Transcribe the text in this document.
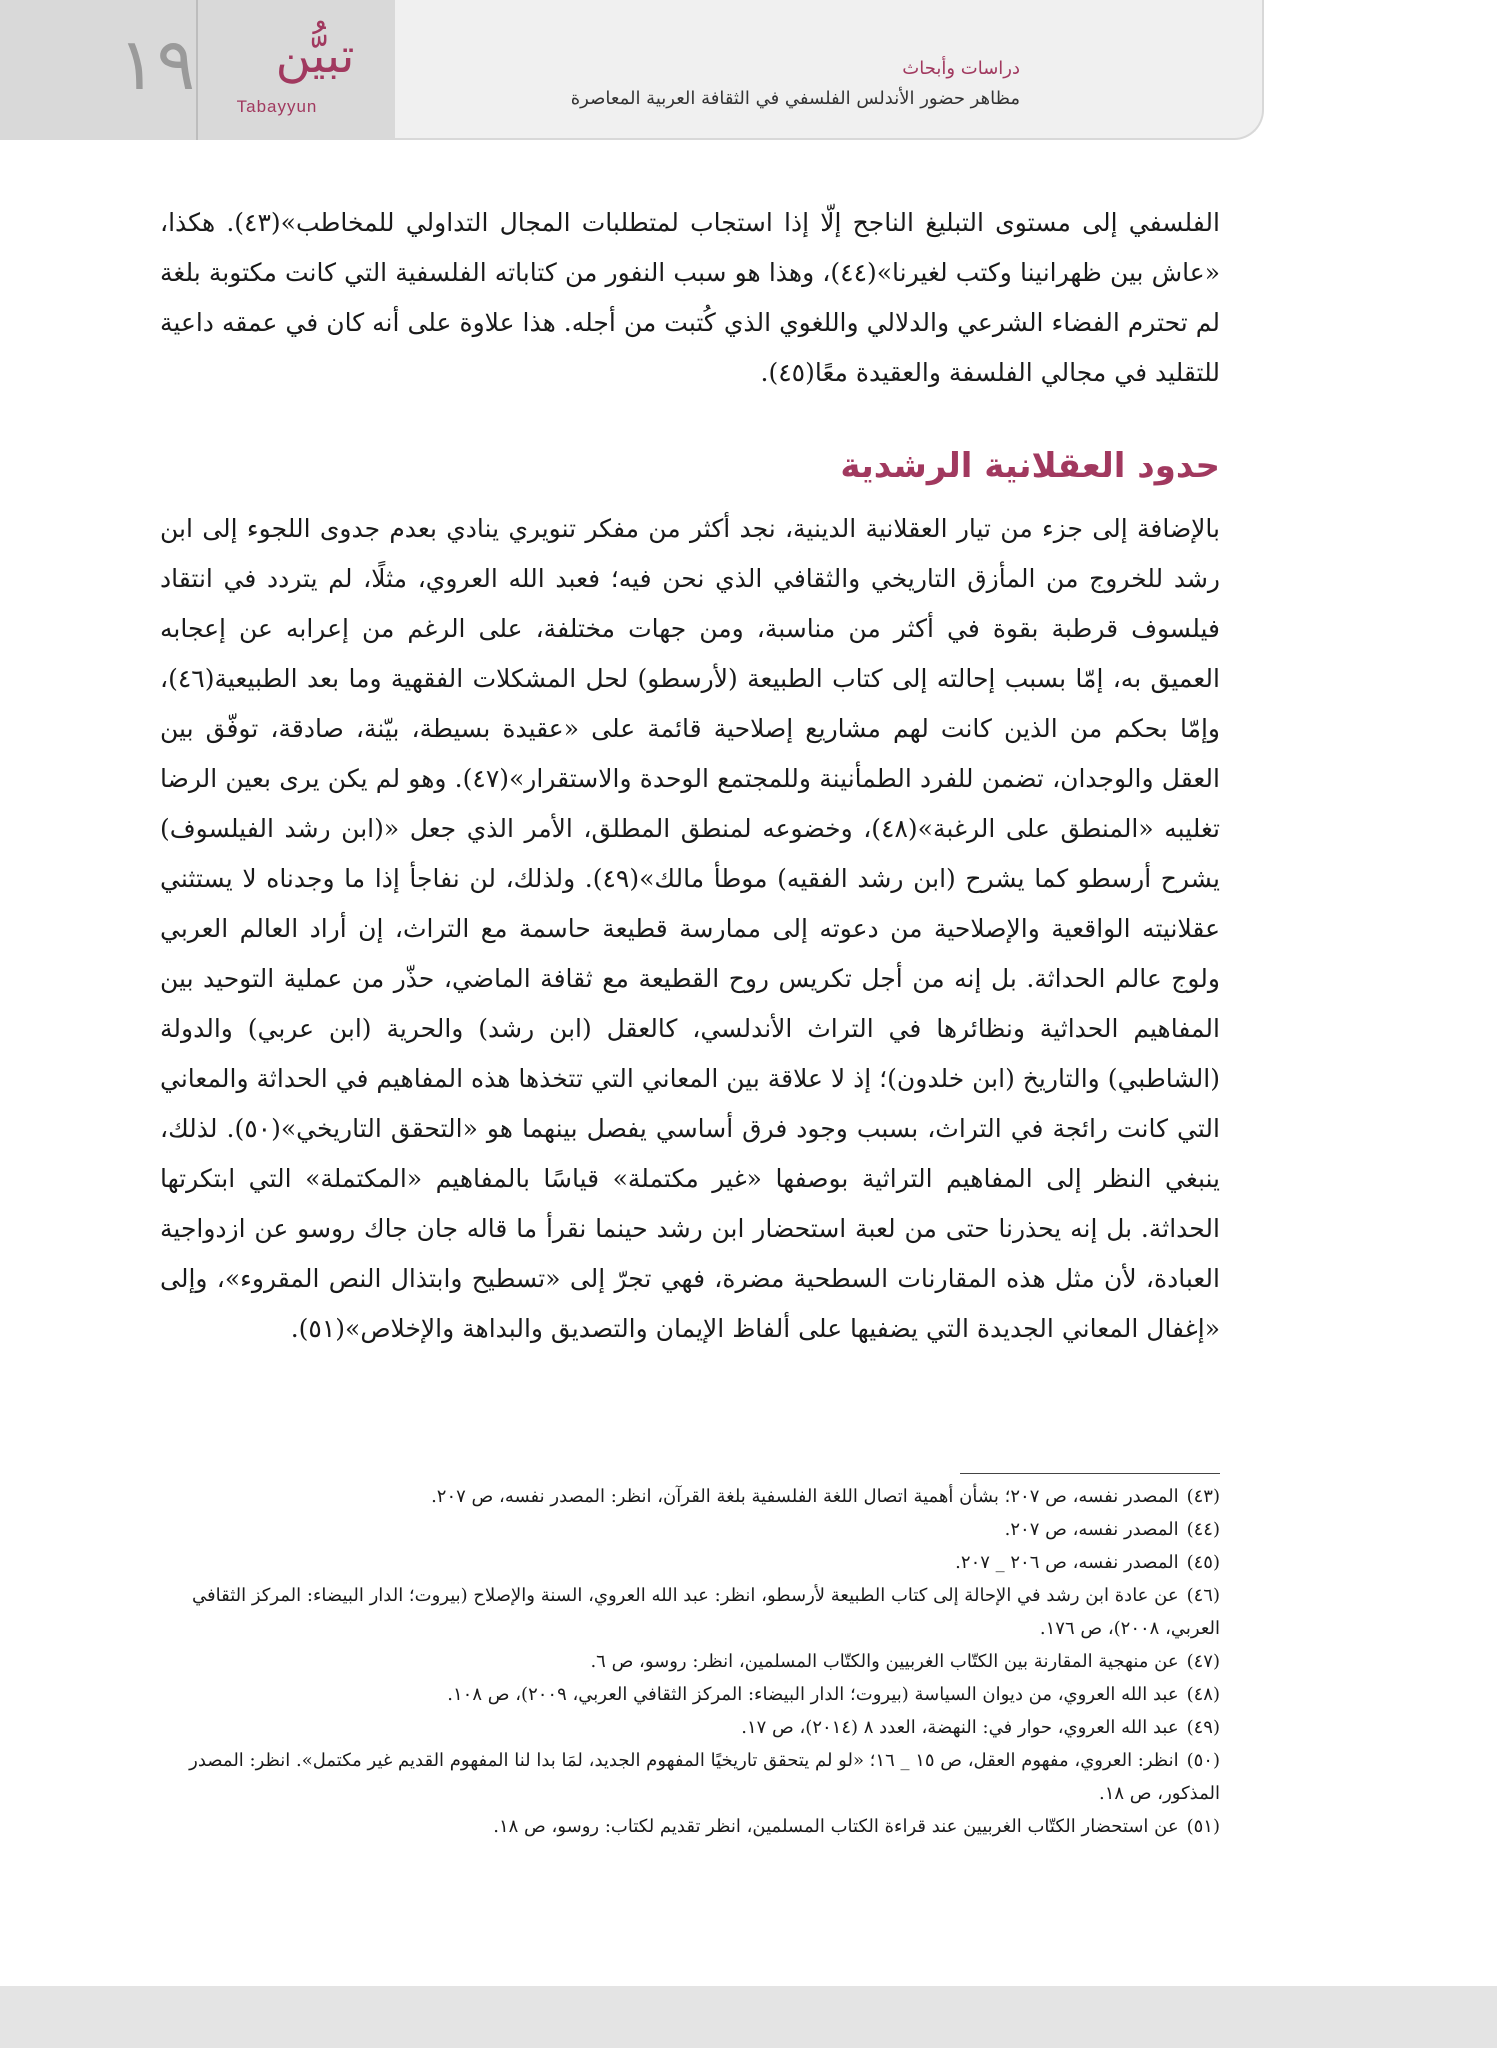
دراسات وأبحاث
مظاهر حضور الأندلس الفلسفي في الثقافة العربية المعاصرة
١٩ تبيُّن
Tabayyun

الفلسفي إلى مستوى التبليغ الناجح إلّا إذا استجاب لمتطلبات المجال التداولي للمخاطب»(٤٣). هكذا، «عاش بين ظهرانينا وكتب لغيرنا»(٤٤)، وهذا هو سبب النفور من كتاباته الفلسفية التي كانت مكتوبة بلغة لم تحترم الفضاء الشرعي والدلالي واللغوي الذي كُتبت من أجله. هذا علاوة على أنه كان في عمقه داعية للتقليد في مجالي الفلسفة والعقيدة معًا(٤٥).

حدود العقلانية الرشدية

بالإضافة إلى جزء من تيار العقلانية الدينية، نجد أكثر من مفكر تنويري ينادي بعدم جدوى اللجوء إلى ابن رشد للخروج من المأزق التاريخي والثقافي الذي نحن فيه؛ فعبد الله العروي، مثلًا، لم يتردد في انتقاد فيلسوف قرطبة بقوة في أكثر من مناسبة، ومن جهات مختلفة، على الرغم من إعرابه عن إعجابه العميق به، إمّا بسبب إحالته إلى كتاب الطبيعة (لأرسطو) لحل المشكلات الفقهية وما بعد الطبيعية(٤٦)، وإمّا بحكم من الذين كانت لهم مشاريع إصلاحية قائمة على «عقيدة بسيطة، بيّنة، صادقة، توفّق بين العقل والوجدان، تضمن للفرد الطمأنينة وللمجتمع الوحدة والاستقرار»(٤٧). وهو لم يكن يرى بعين الرضا تغليبه «المنطق على الرغبة»(٤٨)، وخضوعه لمنطق المطلق، الأمر الذي جعل «(ابن رشد الفيلسوف) يشرح أرسطو كما يشرح (ابن رشد الفقيه) موطأ مالك»(٤٩). ولذلك، لن نفاجأ إذا ما وجدناه لا يستثني عقلانيته الواقعية والإصلاحية من دعوته إلى ممارسة قطيعة حاسمة مع التراث، إن أراد العالم العربي ولوج عالم الحداثة. بل إنه من أجل تكريس روح القطيعة مع ثقافة الماضي، حذّر من عملية التوحيد بين المفاهيم الحداثية ونظائرها في التراث الأندلسي، كالعقل (ابن رشد) والحرية (ابن عربي) والدولة (الشاطبي) والتاريخ (ابن خلدون)؛ إذ لا علاقة بين المعاني التي تتخذها هذه المفاهيم في الحداثة والمعاني التي كانت رائجة في التراث، بسبب وجود فرق أساسي يفصل بينهما هو «التحقق التاريخي»(٥٠). لذلك، ينبغي النظر إلى المفاهيم التراثية بوصفها «غير مكتملة» قياسًا بالمفاهيم «المكتملة» التي ابتكرتها الحداثة. بل إنه يحذرنا حتى من لعبة استحضار ابن رشد حينما نقرأ ما قاله جان جاك روسو عن ازدواجية العبادة، لأن مثل هذه المقارنات السطحية مضرة، فهي تجرّ إلى «تسطيح وابتذال النص المقروء»، وإلى «إغفال المعاني الجديدة التي يضفيها على ألفاظ الإيمان والتصديق والبداهة والإخلاص»(٥١).

(٤٣)المصدر نفسه، ص ٢٠٧؛ بشأن أهمية اتصال اللغة الفلسفية بلغة القرآن، انظر: المصدر نفسه، ص ٢٠٧.

(٤٤)المصدر نفسه، ص ٢٠٧.

(٤٥)المصدر نفسه، ص ٢٠٦ _ ٢٠٧.

(٤٦)عن عادة ابن رشد في الإحالة إلى كتاب الطبيعة لأرسطو، انظر: عبد الله العروي، السنة والإصلاح (بيروت؛ الدار البيضاء: المركز الثقافي العربي، ٢٠٠٨)، ص ١٧٦.

(٤٧)عن منهجية المقارنة بين الكتّاب الغربيين والكتّاب المسلمين، انظر: روسو، ص ٦.

(٤٨)عبد الله العروي، من ديوان السياسة (بيروت؛ الدار البيضاء: المركز الثقافي العربي، ٢٠٠٩)، ص ١٠٨.

(٤٩)عبد الله العروي، حوار في: النهضة، العدد ٨ (٢٠١٤)، ص ١٧.

(٥٠)انظر: العروي، مفهوم العقل، ص ١٥ _ ١٦؛ «لو لم يتحقق تاريخيًا المفهوم الجديد، لمَا بدا لنا المفهوم القديم غير مكتمل». انظر: المصدر المذكور، ص ١٨.

(٥١)عن استحضار الكتّاب الغربيين عند قراءة الكتاب المسلمين، انظر تقديم لكتاب: روسو، ص ١٨.
